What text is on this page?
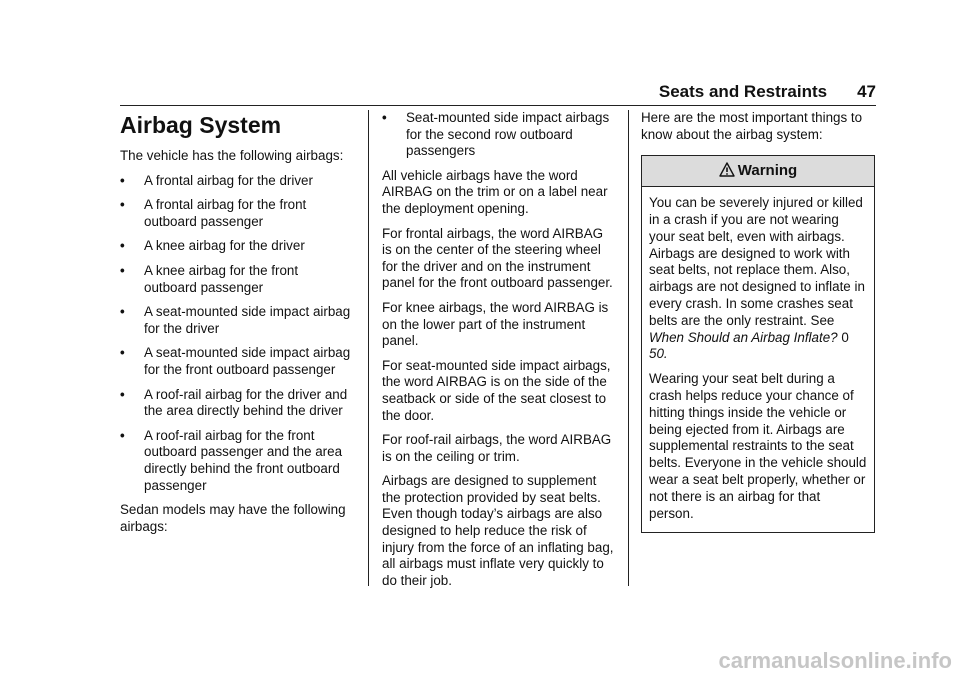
Seats and Restraints 47
Airbag System

The vehicle has the following airbags:

•	A frontal airbag for the driver
•	A frontal airbag for the front outboard passenger
•	A knee airbag for the driver
•	A knee airbag for the front outboard passenger
•	A seat-mounted side impact airbag for the driver
•	A seat-mounted side impact airbag for the front outboard passenger
•	A roof-rail airbag for the driver and the area directly behind the driver
•	A roof-rail airbag for the front outboard passenger and the area directly behind the front outboard passenger

Sedan models may have the following airbags:

•	Seat-mounted side impact airbags for the second row outboard passengers

All vehicle airbags have the word AIRBAG on the trim or on a label near the deployment opening.

For frontal airbags, the word AIRBAG is on the center of the steering wheel for the driver and on the instrument panel for the front outboard passenger.

For knee airbags, the word AIRBAG is on the lower part of the instrument panel.

For seat-mounted side impact airbags, the word AIRBAG is on the side of the seatback or side of the seat closest to the door.

For roof-rail airbags, the word AIRBAG is on the ceiling or trim.

Airbags are designed to supplement the protection provided by seat belts. Even though today’s airbags are also designed to help reduce the risk of injury from the force of an inflating bag, all airbags must inflate very quickly to do their job.

Here are the most important things to know about the airbag system:

Warning

You can be severely injured or killed in a crash if you are not wearing your seat belt, even with airbags. Airbags are designed to work with seat belts, not replace them. Also, airbags are not designed to inflate in every crash. In some crashes seat belts are the only restraint. See When Should an Airbag Inflate? 0 50.

Wearing your seat belt during a crash helps reduce your chance of hitting things inside the vehicle or being ejected from it. Airbags are supplemental restraints to the seat belts. Everyone in the vehicle should wear a seat belt properly, whether or not there is an airbag for that person.

carmanualsonline.info
